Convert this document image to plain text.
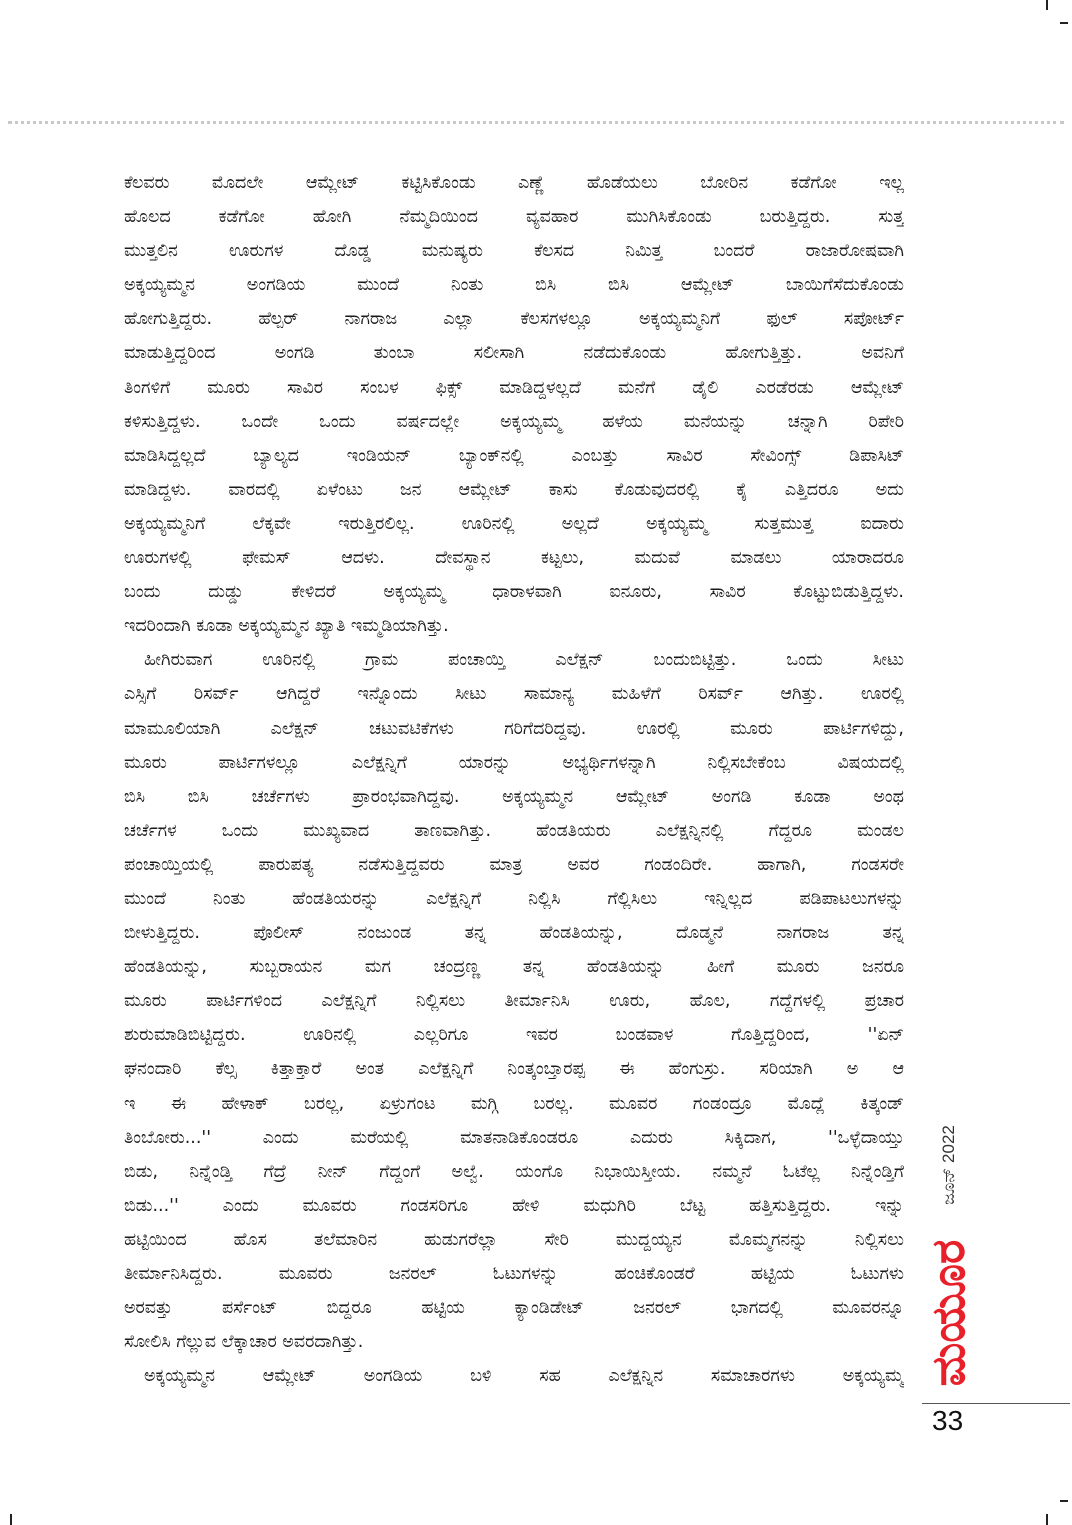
ಕೆಲವರು ಮೊದಲೇ ಆಮ್ಲೇಟ್ ಕಟ್ಟಿಸಿಕೊಂಡು ಎಣ್ಣೆ ಹೊಡೆಯಲು ಬೋರಿನ ಕಡೆಗೋ ಇಲ್ಲ
ಹೊಲದ ಕಡೆಗೋ ಹೋಗಿ ನೆಮ್ಮದಿಯಿಂದ ವ್ಯವಹಾರ ಮುಗಿಸಿಕೊಂಡು ಬರುತ್ತಿದ್ದರು. ಸುತ್ತ
ಮುತ್ತಲಿನ ಊರುಗಳ ದೊಡ್ಡ ಮನುಷ್ಯರು ಕೆಲಸದ ನಿಮಿತ್ತ ಬಂದರೆ ರಾಜಾರೋಷವಾಗಿ
ಅಕ್ಕಯ್ಯಮ್ಮನ ಅಂಗಡಿಯ ಮುಂದೆ ನಿಂತು ಬಿಸಿ ಬಿಸಿ ಆಮ್ಲೇಟ್ ಬಾಯಿಗೆಸೆದುಕೊಂಡು
ಹೋಗುತ್ತಿದ್ದರು. ಹೆಲ್ಪರ್ ನಾಗರಾಜ ಎಲ್ಲಾ ಕೆಲಸಗಳಲ್ಲೂ ಅಕ್ಕಯ್ಯಮ್ಮನಿಗೆ ಫುಲ್ ಸಪೋರ್ಟ್
ಮಾಡುತ್ತಿದ್ದರಿಂದ ಅಂಗಡಿ ತುಂಬಾ ಸಲೀಸಾಗಿ ನಡೆದುಕೊಂಡು ಹೋಗುತ್ತಿತ್ತು. ಅವನಿಗೆ
ತಿಂಗಳಿಗೆ ಮೂರು ಸಾವಿರ ಸಂಬಳ ಫಿಕ್ಸ್ ಮಾಡಿದ್ದಳಲ್ಲದೆ ಮನೆಗೆ ಡೈಲಿ ಎರಡೆರಡು ಆಮ್ಲೇಟ್
ಕಳಿಸುತ್ತಿದ್ದಳು. ಒಂದೇ ಒಂದು ವರ್ಷದಲ್ಲೇ ಅಕ್ಕಯ್ಯಮ್ಮ ಹಳೆಯ ಮನೆಯನ್ನು ಚನ್ನಾಗಿ ರಿಪೇರಿ
ಮಾಡಿಸಿದ್ದಲ್ಲದೆ ಬ್ಯಾಲ್ಯದ ಇಂಡಿಯನ್ ಬ್ಯಾಂಕ್‌ನಲ್ಲಿ ಎಂಬತ್ತು ಸಾವಿರ ಸೇವಿಂಗ್ಸ್ ಡಿಪಾಸಿಟ್
ಮಾಡಿದ್ದಳು. ವಾರದಲ್ಲಿ ಏಳೆಂಟು ಜನ ಆಮ್ಲೇಟ್ ಕಾಸು ಕೊಡುವುದರಲ್ಲಿ ಕೈ ಎತ್ತಿದರೂ ಅದು
ಅಕ್ಕಯ್ಯಮ್ಮನಿಗೆ ಲೆಕ್ಕವೇ ಇರುತ್ತಿರಲಿಲ್ಲ. ಊರಿನಲ್ಲಿ ಅಲ್ಲದೆ ಅಕ್ಕಯ್ಯಮ್ಮ ಸುತ್ತಮುತ್ತ ಐದಾರು
ಊರುಗಳಲ್ಲಿ ಫೇಮಸ್ ಆದಳು. ದೇವಸ್ಥಾನ ಕಟ್ಟಲು, ಮದುವೆ ಮಾಡಲು ಯಾರಾದರೂ
ಬಂದು ದುಡ್ಡು ಕೇಳಿದರೆ ಅಕ್ಕಯ್ಯಮ್ಮ ಧಾರಾಳವಾಗಿ ಐನೂರು, ಸಾವಿರ ಕೊಟ್ಟುಬಿಡುತ್ತಿದ್ದಳು.
ಇದರಿಂದಾಗಿ ಕೂಡಾ ಅಕ್ಕಯ್ಯಮ್ಮನ ಖ್ಯಾತಿ ಇಮ್ಮಡಿಯಾಗಿತ್ತು.
ಹೀಗಿರುವಾಗ ಊರಿನಲ್ಲಿ ಗ್ರಾಮ ಪಂಚಾಯ್ತಿ ಎಲೆಕ್ಷನ್ ಬಂದುಬಿಟ್ಟಿತ್ತು. ಒಂದು ಸೀಟು
ಎಸ್ಸಿಗೆ ರಿಸರ್ವ್ ಆಗಿದ್ದರೆ ಇನ್ನೊಂದು ಸೀಟು ಸಾಮಾನ್ಯ ಮಹಿಳೆಗೆ ರಿಸರ್ವ್ ಆಗಿತ್ತು. ಊರಲ್ಲಿ
ಮಾಮೂಲಿಯಾಗಿ ಎಲೆಕ್ಷನ್ ಚಟುವಟಿಕೆಗಳು ಗರಿಗೆದರಿದ್ದವು. ಊರಲ್ಲಿ ಮೂರು ಪಾರ್ಟಿಗಳಿದ್ದು,
ಮೂರು ಪಾರ್ಟಿಗಳಲ್ಲೂ ಎಲೆಕ್ಷನ್ನಿಗೆ ಯಾರನ್ನು ಅಭ್ಯರ್ಥಿಗಳನ್ನಾಗಿ ನಿಲ್ಲಿಸಬೇಕೆಂಬ ವಿಷಯದಲ್ಲಿ
ಬಿಸಿ ಬಿಸಿ ಚರ್ಚೆಗಳು ಪ್ರಾರಂಭವಾಗಿದ್ದವು. ಅಕ್ಕಯ್ಯಮ್ಮನ ಆಮ್ಲೇಟ್ ಅಂಗಡಿ ಕೂಡಾ ಅಂಥ
ಚರ್ಚೆಗಳ ಒಂದು ಮುಖ್ಯವಾದ ತಾಣವಾಗಿತ್ತು. ಹೆಂಡತಿಯರು ಎಲೆಕ್ಷನ್ನಿನಲ್ಲಿ ಗೆದ್ದರೂ ಮಂಡಲ
ಪಂಚಾಯ್ತಿಯಲ್ಲಿ ಪಾರುಪತ್ಯ ನಡೆಸುತ್ತಿದ್ದವರು ಮಾತ್ರ ಅವರ ಗಂಡಂದಿರೇ. ಹಾಗಾಗಿ, ಗಂಡಸರೇ
ಮುಂದೆ ನಿಂತು ಹೆಂಡತಿಯರನ್ನು ಎಲೆಕ್ಷನ್ನಿಗೆ ನಿಲ್ಲಿಸಿ ಗೆಲ್ಲಿಸಿಲು ಇನ್ನಿಲ್ಲದ ಪಡಿಪಾಟಲುಗಳನ್ನು
ಬೀಳುತ್ತಿದ್ದರು. ಪೊಲೀಸ್ ನಂಜುಂಡ ತನ್ನ ಹೆಂಡತಿಯನ್ನು, ದೊಡ್ಮನೆ ನಾಗರಾಜ ತನ್ನ
ಹೆಂಡತಿಯನ್ನು, ಸುಬ್ಬರಾಯನ ಮಗ ಚಂದ್ರಣ್ಣ ತನ್ನ ಹೆಂಡತಿಯನ್ನು ಹೀಗೆ ಮೂರು ಜನರೂ
ಮೂರು ಪಾರ್ಟಿಗಳಿಂದ ಎಲೆಕ್ಷನ್ನಿಗೆ ನಿಲ್ಲಿಸಲು ತೀರ್ಮಾನಿಸಿ ಊರು, ಹೊಲ, ಗದ್ದೆಗಳಲ್ಲಿ ಪ್ರಚಾರ
ಶುರುಮಾಡಿಬಿಟ್ಟಿದ್ದರು. ಊರಿನಲ್ಲಿ ಎಲ್ಲರಿಗೂ ಇವರ ಬಂಡವಾಳ ಗೊತ್ತಿದ್ದರಿಂದ, ''ಏನ್
ಘನಂದಾರಿ ಕೆಲ್ಸ ಕಿತ್ತಾಕ್ತಾರೆ ಅಂತ ಎಲೆಕ್ಷನ್ನಿಗೆ ನಿಂತ್ಕಂಬ್ತಾರಪ್ಪ ಈ ಹೆಂಗುಸ್ರು. ಸರಿಯಾಗಿ ಅ ಆ
ಇ ಈ ಹೇಳಾಕ್ ಬರಲ್ಲ, ಏಳ್ರುಗಂಟ ಮಗ್ಗಿ ಬರಲ್ಲ. ಮೂವರ ಗಂಡಂದ್ರೂ ಮೊದ್ಲೆ ಕಿತ್ಕಂಡ್
ತಿಂಬೋರು...'' ಎಂದು ಮರೆಯಲ್ಲಿ ಮಾತನಾಡಿಕೊಂಡರೂ ಎದುರು ಸಿಕ್ಕಿದಾಗ, ''ಒಳ್ಳೆದಾಯ್ತು
ಬಿಡು, ನಿನ್ನೆಂಡ್ತಿ ಗೆದ್ರೆ ನೀನ್ ಗೆದ್ದಂಗೆ ಅಲ್ವೆ. ಯಂಗೊ ನಿಭಾಯಿಸ್ತೀಯ. ನಮ್ಮನೆ ಓಟೆಲ್ಲ ನಿನ್ನೆಂಡ್ತಿಗೆ
ಬಿಡು...'' ಎಂದು ಮೂವರು ಗಂಡಸರಿಗೂ ಹೇಳಿ ಮಧುಗಿರಿ ಬೆಟ್ಟ ಹತ್ತಿಸುತ್ತಿದ್ದರು. ಇನ್ನು
ಹಟ್ಟಿಯಿಂದ ಹೊಸ ತಲೆಮಾರಿನ ಹುಡುಗರೆಲ್ಲಾ ಸೇರಿ ಮುದ್ದಯ್ಯನ ಮೊಮ್ಮಗನನ್ನು ನಿಲ್ಲಿಸಲು
ತೀರ್ಮಾನಿಸಿದ್ದರು. ಮೂವರು ಜನರಲ್ ಓಟುಗಳನ್ನು ಹಂಚಿಕೊಂಡರೆ ಹಟ್ಟಿಯ ಓಟುಗಳು
ಅರವತ್ತು ಪರ್ಸೆಂಟ್ ಬಿದ್ದರೂ ಹಟ್ಟಿಯ ಕ್ಯಾಂಡಿಡೇಟ್ ಜನರಲ್ ಭಾಗದಲ್ಲಿ ಮೂವರನ್ನೂ
ಸೋಲಿಸಿ ಗೆಲ್ಲುವ ಲೆಕ್ಕಾಚಾರ ಅವರದಾಗಿತ್ತು.
ಅಕ್ಕಯ್ಯಮ್ಮನ ಆಮ್ಲೇಟ್ ಅಂಗಡಿಯ ಬಳಿ ಸಹ ಎಲೆಕ್ಷನ್ನಿನ ಸಮಾಚಾರಗಳು ಅಕ್ಕಯ್ಯಮ್ಮ
ಜೂನ್ 2022
ಮಯೂರ
33
